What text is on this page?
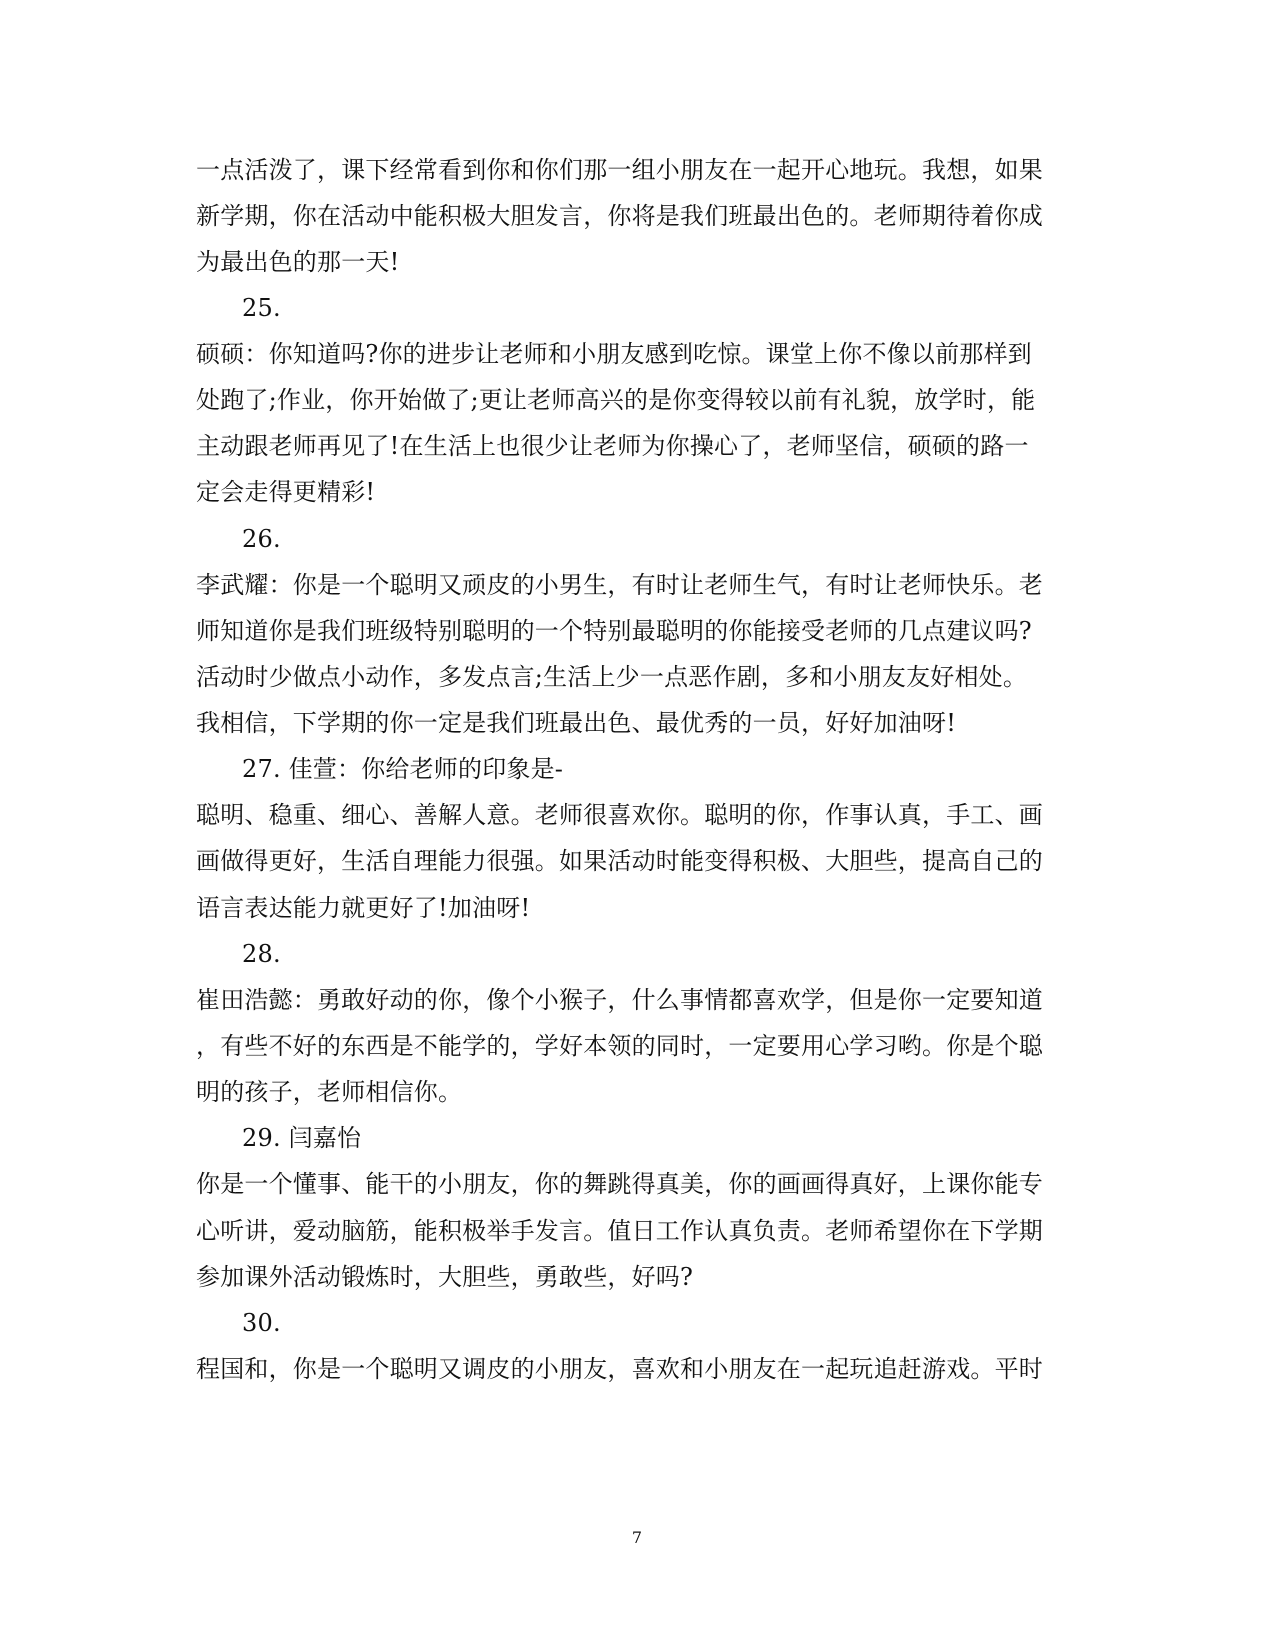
一点活泼了，课下经常看到你和你们那一组小朋友在一起开心地玩。我想，如果
新学期，你在活动中能积极大胆发言，你将是我们班最出色的。老师期待着你成
为最出色的那一天!
25.
硕硕：你知道吗?你的进步让老师和小朋友感到吃惊。课堂上你不像以前那样到
处跑了;作业，你开始做了;更让老师高兴的是你变得较以前有礼貌，放学时，能
主动跟老师再见了!在生活上也很少让老师为你操心了，老师坚信，硕硕的路一
定会走得更精彩!
26.
李武耀：你是一个聪明又顽皮的小男生，有时让老师生气，有时让老师快乐。老
师知道你是我们班级特别聪明的一个特别最聪明的你能接受老师的几点建议吗?
活动时少做点小动作，多发点言;生活上少一点恶作剧，多和小朋友友好相处。
我相信，下学期的你一定是我们班最出色、最优秀的一员，好好加油呀!
27. 佳萱：你给老师的印象是-
聪明、稳重、细心、善解人意。老师很喜欢你。聪明的你，作事认真，手工、画
画做得更好，生活自理能力很强。如果活动时能变得积极、大胆些，提高自己的
语言表达能力就更好了!加油呀!
28.
崔田浩懿：勇敢好动的你，像个小猴子，什么事情都喜欢学，但是你一定要知道
，有些不好的东西是不能学的，学好本领的同时，一定要用心学习哟。你是个聪
明的孩子，老师相信你。
29. 闫嘉怡
你是一个懂事、能干的小朋友，你的舞跳得真美，你的画画得真好，上课你能专
心听讲，爱动脑筋，能积极举手发言。值日工作认真负责。老师希望你在下学期
参加课外活动锻炼时，大胆些，勇敢些，好吗?
30.
程国和，你是一个聪明又调皮的小朋友，喜欢和小朋友在一起玩追赶游戏。平时
7
